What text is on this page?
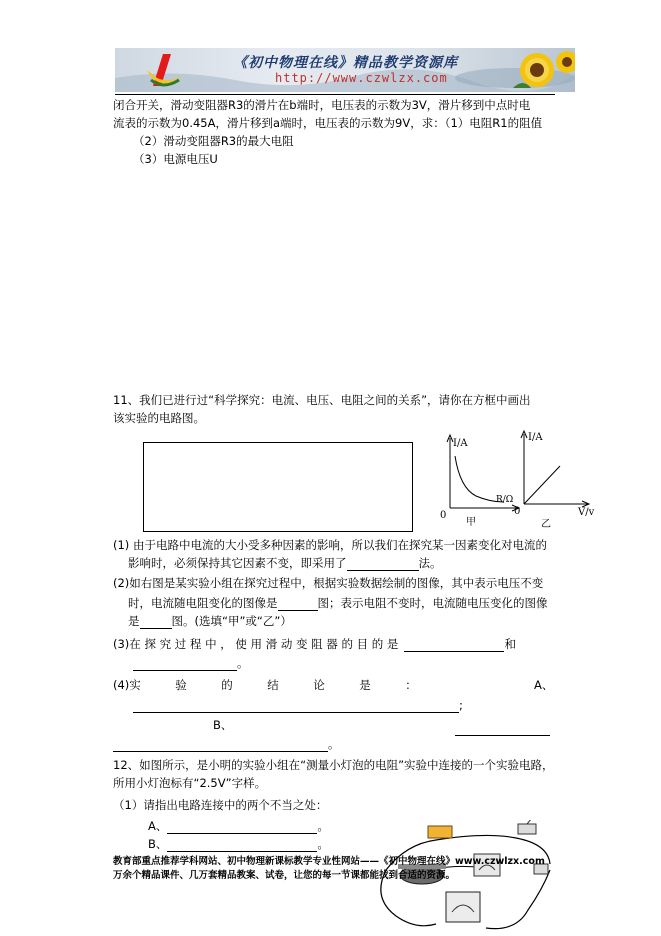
《初中物理在线》精品教学资源库
http://www.czwlzx.com
闭合开关，滑动变阻器R3的滑片在b端时，电压表的示数为3V，滑片移到中点时电
流表的示数为0.45A，滑片移到a端时，电压表的示数为9V，求：（1）电阻R1的阻值
（2）滑动变阻器R3的最大电阻
（3）电源电压U
11、我们已进行过“科学探究：电流、电压、电阻之间的关系”，请你在方框中画出
该实验的电路图。
I/A
R/Ω
0
甲
I/A
0
乙
V/v
(1) 由于电路中电流的大小受多种因素的影响，所以我们在探究某一因素变化对电流的
影响时，必须保持其它因素不变，即采用了	法。
(2)如右图是某实验小组在探究过程中，根据实验数据绘制的图像，其中表示电压不变
时，电流随电阻变化的图像是	图；表示电阻不变时，电流随电压变化的图像
是	图。(选填“甲”或“乙”）
(3)在 探 究 过 程 中 ， 使 用 滑 动 变 阻 器 的 目 的 是	和
。
(4)实　　　验　　　的　　　结　　　论　　　是　　　：	A、
;
B、
。
12、如图所示，是小明的实验小组在“测量小灯泡的电阻”实验中连接的一个实验电路，
所用小灯泡标有“2.5V”字样。
（1）请指出电路连接中的两个不当之处：
A、	。
B、	。
教育部重点推荐学科网站、初中物理新课标教学专业性网站——《初中物理在线》www.czwlzx.com
万余个精品课件、几万套精品教案、试卷，让您的每一节课都能找到合适的资源。
